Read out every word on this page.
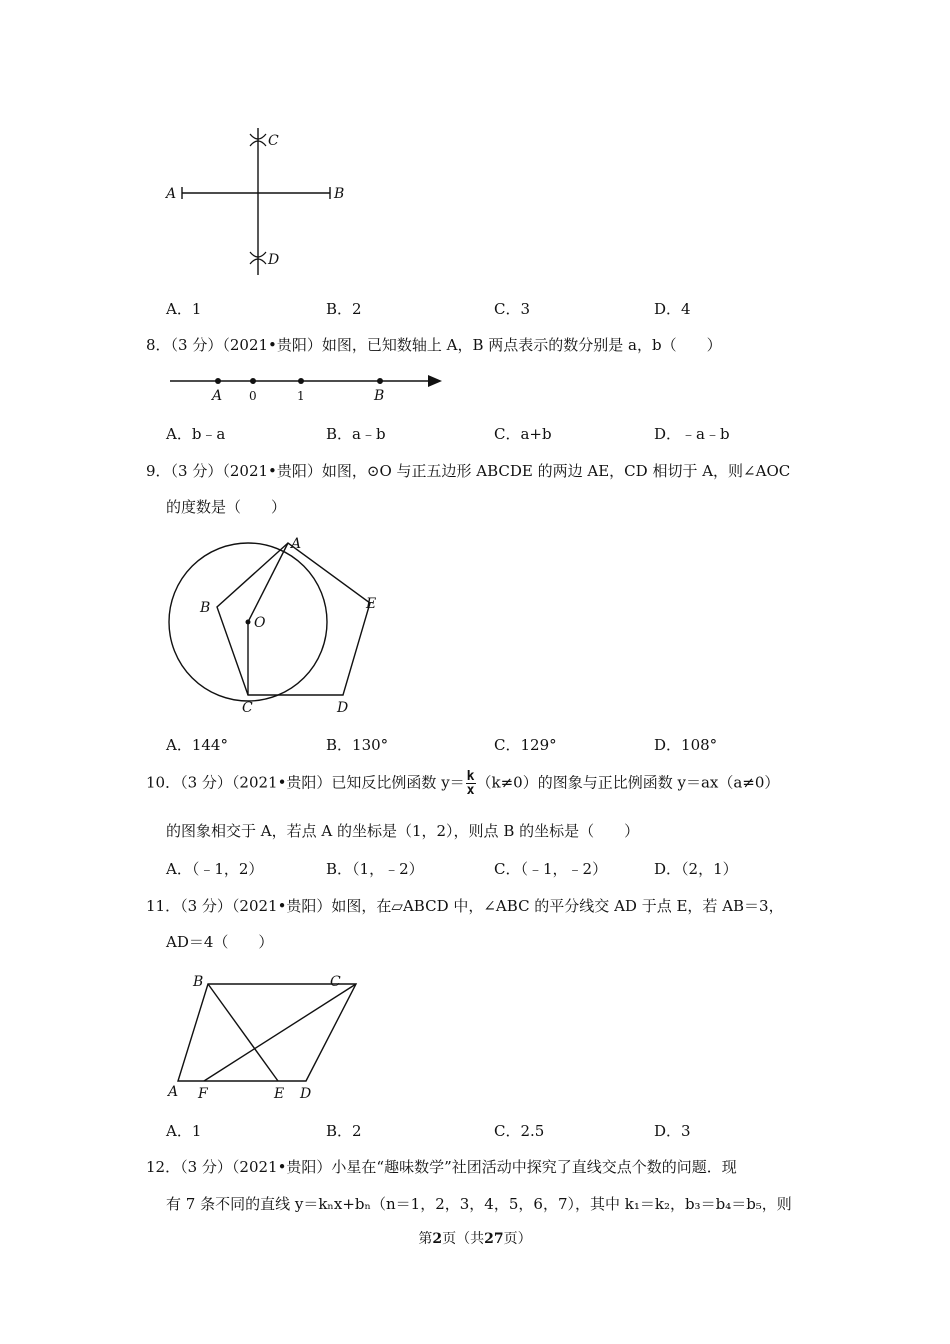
A	B
C
D
A．1	B．2	C．3	D．4
8．（3 分）（2021•贵阳）如图，已知数轴上 A，B 两点表示的数分别是 a，b（　　）
A 0	1	B
A．b﹣a	B．a﹣b	C．a+b	D．﹣a﹣b
9．（3 分）（2021•贵阳）如图，⊙O 与正五边形 ABCDE 的两边 AE，CD 相切于 A，则∠AOC
的度数是（　　）
A
B
C	D
E
O
A．144°	B．130°	C．129°	D．108°
10．（3 分）（2021•贵阳）已知反比例函数 $y= \frac{k}{x} (k\ne 0)$的图象与正比例函数 y＝ax（a≠0）
的图象相交于 A，若点 A 的坐标是（1，2），则点 B 的坐标是（　　）
A．（﹣1，2）	B．（1，﹣2）	C．（﹣1，﹣2）	D．（2，1）
11．（3 分）（2021•贵阳）如图，在▱ABCD 中，∠ABC 的平分线交 AD 于点 E，若 AB＝3，
AD＝4（　　）
A
B	C
D
E
F
A．1	B．2	C．2.5	D．3
12．（3 分）（2021•贵阳）小星在“趣味数学”社团活动中探究了直线交点个数的问题．现
有 7 条不同的直线 y＝kₙx+bₙ（n＝1，2，3，4，5，6，7），其中 k₁＝k₂，b₃＝b₄＝b₅，则
第2页（共27页）
